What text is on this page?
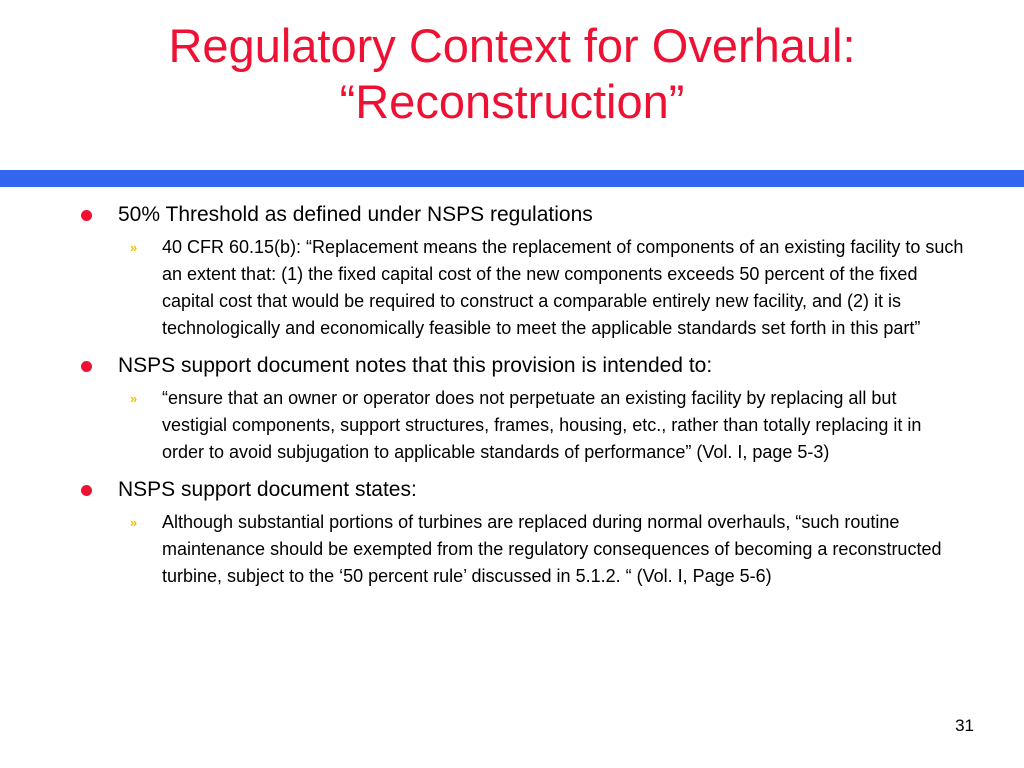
Regulatory Context for Overhaul:
“Reconstruction”
50% Threshold as defined under NSPS regulations
» 40 CFR 60.15(b): “Replacement means the replacement of components of an existing facility to such an extent that: (1) the fixed capital cost of the new components exceeds 50 percent of the fixed capital cost that would be required to construct a comparable entirely new facility, and (2) it is technologically and economically feasible to meet the applicable standards set forth in this part”
NSPS support document notes that this provision is intended to:
» “ensure that an owner or operator does not perpetuate an existing facility by replacing all but vestigial components, support structures, frames, housing, etc., rather than totally replacing it in order to avoid subjugation to applicable standards of performance” (Vol. I, page 5-3)
NSPS support document states:
» Although substantial portions of turbines are replaced during normal overhauls, “such routine maintenance should be exempted from the regulatory consequences of becoming a reconstructed turbine, subject to the ‘50 percent rule’ discussed in 5.1.2. “ (Vol. I, Page 5-6)
31
